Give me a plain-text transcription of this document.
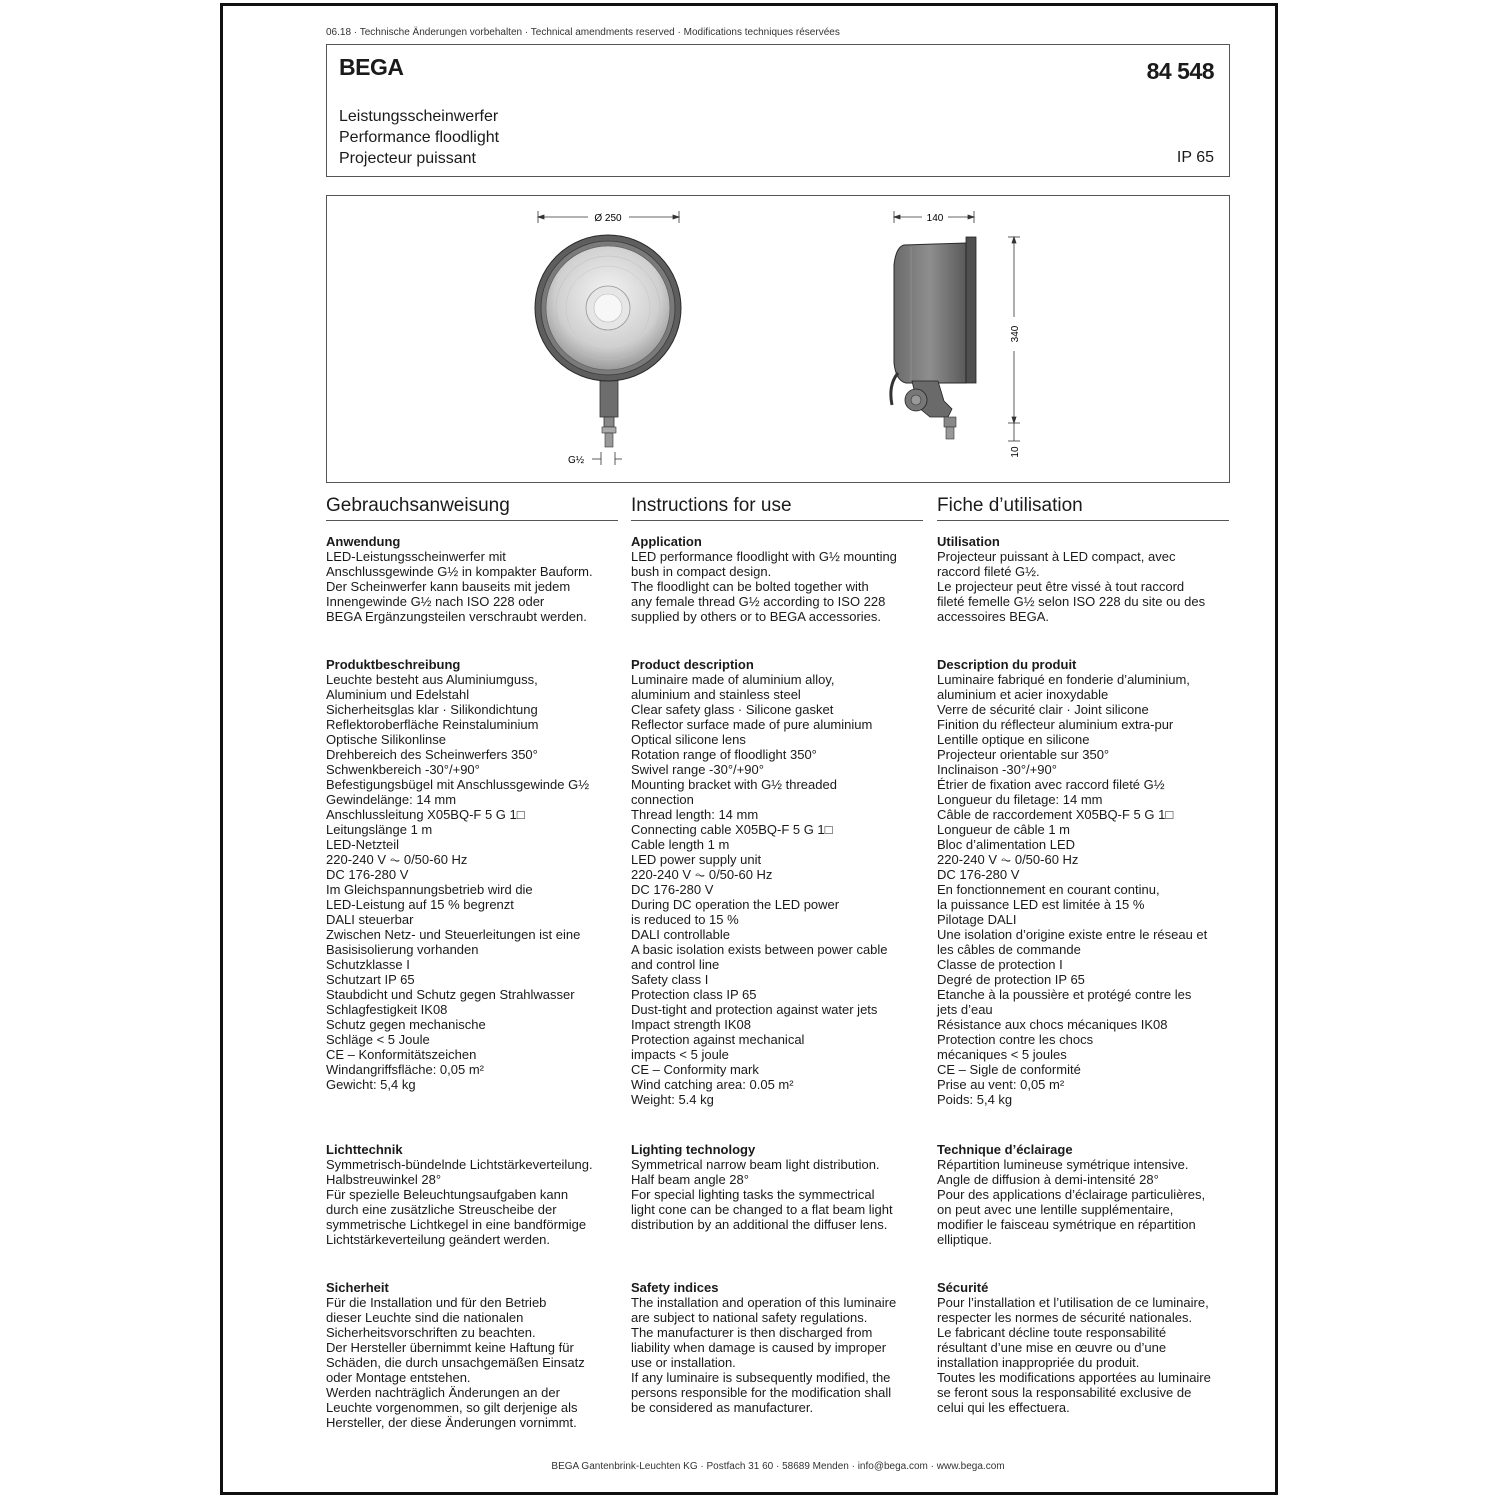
06.18 · Technische Änderungen vorbehalten · Technical amendments reserved · Modifications techniques réservées
BEGA	84 548
Leistungsscheinwerfer
Performance floodlight
Projecteur puissant	IP 65
Ø 250
G½
140
340
10
Gebrauchsanweisung
Anwendung
LED-Leistungsscheinwerfer mit
Anschlussgewinde G½ in kompakter Bauform.
Der Scheinwerfer kann bauseits mit jedem
Innengewinde G½ nach ISO 228 oder
BEGA Ergänzungsteilen verschraubt werden.
Produktbeschreibung
Leuchte besteht aus Aluminiumguss,
Aluminium und Edelstahl
Sicherheitsglas klar · Silikondichtung
Reflektoroberfläche Reinstaluminium
Optische Silikonlinse
Drehbereich des Scheinwerfers 350°
Schwenkbereich -30°/+90°
Befestigungsbügel mit Anschlussgewinde G½
Gewindelänge: 14 mm
Anschlussleitung X05BQ-F 5 G 1□
Leitungslänge 1 m
LED-Netzteil
220-240 V ⏦ 0/50-60 Hz
DC 176-280 V
Im Gleichspannungsbetrieb wird die
LED-Leistung auf 15 % begrenzt
DALI steuerbar
Zwischen Netz- und Steuerleitungen ist eine
Basisisolierung vorhanden
Schutzklasse I
Schutzart IP 65
Staubdicht und Schutz gegen Strahlwasser
Schlagfestigkeit IK08
Schutz gegen mechanische
Schläge < 5 Joule
CE – Konformitätszeichen
Windangriffsfläche: 0,05 m²
Gewicht: 5,4 kg
Lichttechnik
Symmetrisch-bündelnde Lichtstärkeverteilung.
Halbstreuwinkel 28°
Für spezielle Beleuchtungsaufgaben kann
durch eine zusätzliche Streuscheibe der
symmetrische Lichtkegel in eine bandförmige
Lichtstärkeverteilung geändert werden.
Sicherheit
Für die Installation und für den Betrieb
dieser Leuchte sind die nationalen
Sicherheitsvorschriften zu beachten.
Der Hersteller übernimmt keine Haftung für
Schäden, die durch unsachgemäßen Einsatz
oder Montage entstehen.
Werden nachträglich Änderungen an der
Leuchte vorgenommen, so gilt derjenige als
Hersteller, der diese Änderungen vornimmt.
Instructions for use
Application
LED performance floodlight with G½ mounting
bush in compact design.
The floodlight can be bolted together with
any female thread G½ according to ISO 228
supplied by others or to BEGA accessories.
Product description
Luminaire made of aluminium alloy,
aluminium and stainless steel
Clear safety glass · Silicone gasket
Reflector surface made of pure aluminium
Optical silicone lens
Rotation range of floodlight 350°
Swivel range -30°/+90°
Mounting bracket with G½ threaded
connection
Thread length: 14 mm
Connecting cable X05BQ-F 5 G 1□
Cable length 1 m
LED power supply unit
220-240 V ⏦ 0/50-60 Hz
DC 176-280 V
During DC operation the LED power
is reduced to 15 %
DALI controllable
A basic isolation exists between power cable
and control line
Safety class I
Protection class IP 65
Dust-tight and protection against water jets
Impact strength IK08
Protection against mechanical
impacts < 5 joule
CE – Conformity mark
Wind catching area: 0.05 m²
Weight: 5.4 kg
Lighting technology
Symmetrical narrow beam light distribution.
Half beam angle 28°
For special lighting tasks the symmectrical
light cone can be changed to a flat beam light
distribution by an additional the diffuser lens.
Safety indices
The installation and operation of this luminaire
are subject to national safety regulations.
The manufacturer is then discharged from
liability when damage is caused by improper
use or installation.
If any luminaire is subsequently modified, the
persons responsible for the modification shall
be considered as manufacturer.
Fiche d’utilisation
Utilisation
Projecteur puissant à LED compact, avec
raccord fileté G½.
Le projecteur peut être vissé à tout raccord
fileté femelle G½ selon ISO 228 du site ou des
accessoires BEGA.
Description du produit
Luminaire fabriqué en fonderie d’aluminium,
aluminium et acier inoxydable
Verre de sécurité clair · Joint silicone
Finition du réflecteur aluminium extra-pur
Lentille optique en silicone
Projecteur orientable sur 350°
Inclinaison -30°/+90°
Étrier de fixation avec raccord fileté G½
Longueur du filetage: 14 mm
Câble de raccordement X05BQ-F 5 G 1□
Longueur de câble 1 m
Bloc d’alimentation LED
220-240 V ⏦ 0/50-60 Hz
DC 176-280 V
En fonctionnement en courant continu,
la puissance LED est limitée à 15 %
Pilotage DALI
Une isolation d’origine existe entre le réseau et
les câbles de commande
Classe de protection I
Degré de protection IP 65
Etanche à la poussière et protégé contre les
jets d’eau
Résistance aux chocs mécaniques IK08
Protection contre les chocs
mécaniques < 5 joules
CE – Sigle de conformité
Prise au vent: 0,05 m²
Poids: 5,4 kg
Technique d’éclairage
Répartition lumineuse symétrique intensive.
Angle de diffusion à demi-intensité 28°
Pour des applications d’éclairage particulières,
on peut avec une lentille supplémentaire,
modifier le faisceau symétrique en répartition
elliptique.
Sécurité
Pour l’installation et l’utilisation de ce luminaire,
respecter les normes de sécurité nationales.
Le fabricant décline toute responsabilité
résultant d’une mise en œuvre ou d’une
installation inappropriée du produit.
Toutes les modifications apportées au luminaire
se feront sous la responsabilité exclusive de
celui qui les effectuera.
BEGA Gantenbrink-Leuchten KG · Postfach 31 60 · 58689 Menden · info@bega.com · www.bega.com
